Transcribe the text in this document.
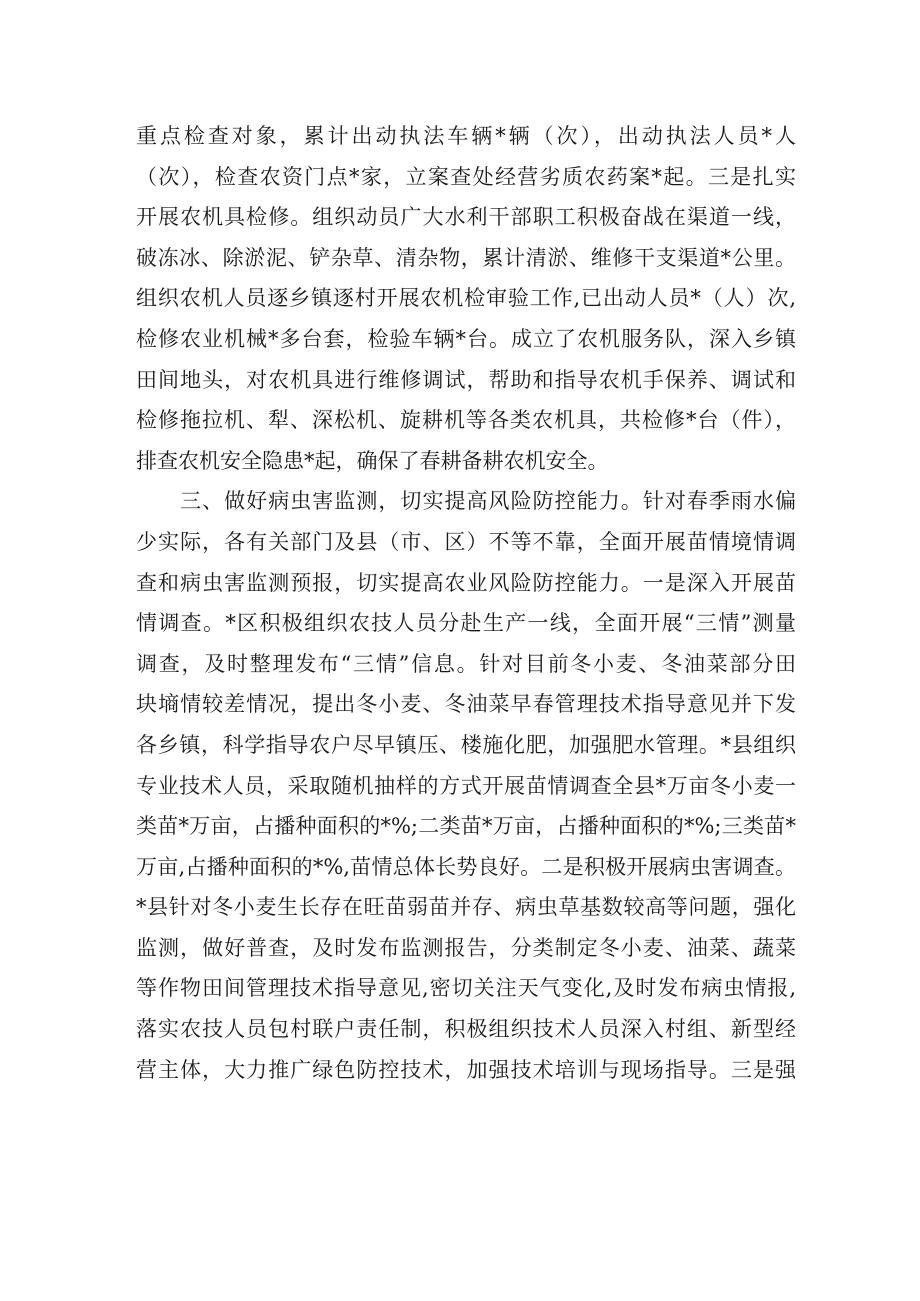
重点检查对象，累计出动执法车辆*辆（次），出动执法人员*人
（次），检查农资门点*家，立案查处经营劣质农药案*起。三是扎实
开展农机具检修。组织动员广大水利干部职工积极奋战在渠道一线，
破冻冰、除淤泥、铲杂草、清杂物，累计清淤、维修干支渠道*公里。
组织农机人员逐乡镇逐村开展农机检审验工作,已出动人员*（人）次,
检修农业机械*多台套，检验车辆*台。成立了农机服务队，深入乡镇
田间地头，对农机具进行维修调试，帮助和指导农机手保养、调试和
检修拖拉机、犁、深松机、旋耕机等各类农机具，共检修*台（件），
排查农机安全隐患*起，确保了春耕备耕农机安全。
　　三、做好病虫害监测，切实提高风险防控能力。针对春季雨水偏
少实际，各有关部门及县（市、区）不等不靠，全面开展苗情境情调
查和病虫害监测预报，切实提高农业风险防控能力。一是深入开展苗
情调查。*区积极组织农技人员分赴生产一线，全面开展“三情”测量
调查，及时整理发布“三情”信息。针对目前冬小麦、冬油菜部分田
块墒情较差情况，提出冬小麦、冬油菜早春管理技术指导意见并下发
各乡镇，科学指导农户尽早镇压、楼施化肥，加强肥水管理。*县组织
专业技术人员，采取随机抽样的方式开展苗情调查全县*万亩冬小麦一
类苗*万亩，占播种面积的*%;二类苗*万亩，占播种面积的*%;三类苗*
万亩,占播种面积的*%,苗情总体长势良好。二是积极开展病虫害调查。
*县针对冬小麦生长存在旺苗弱苗并存、病虫草基数较高等问题，强化
监测，做好普查，及时发布监测报告，分类制定冬小麦、油菜、蔬菜
等作物田间管理技术指导意见,密切关注天气变化,及时发布病虫情报,
落实农技人员包村联户责任制，积极组织技术人员深入村组、新型经
营主体，大力推广绿色防控技术，加强技术培训与现场指导。三是强
